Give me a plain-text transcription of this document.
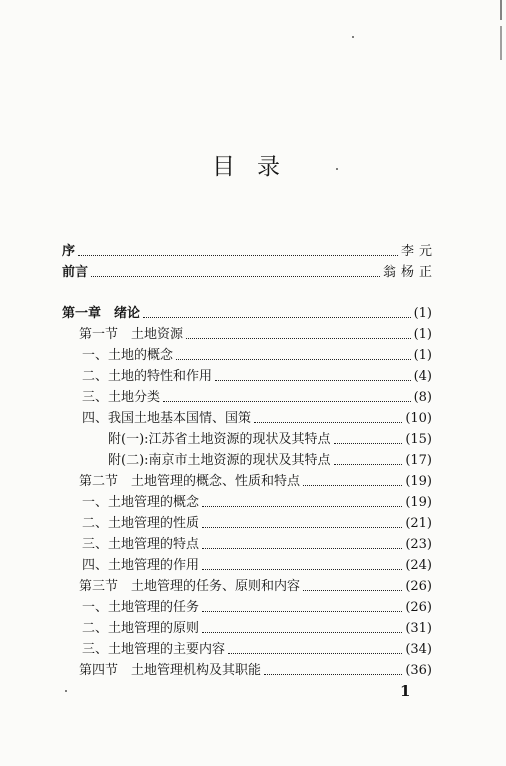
目录
序	李元
前言	翁杨正
第一章　绪论	(1)
第一节　土地资源	(1)
一、土地的概念	(1)
二、土地的特性和作用	(4)
三、土地分类	(8)
四、我国土地基本国情、国策	(10)
附(一):江苏省土地资源的现状及其特点	(15)
附(二):南京市土地资源的现状及其特点	(17)
第二节　土地管理的概念、性质和特点	(19)
一、土地管理的概念	(19)
二、土地管理的性质	(21)
三、土地管理的特点	(23)
四、土地管理的作用	(24)
第三节　土地管理的任务、原则和内容	(26)
一、土地管理的任务	(26)
二、土地管理的原则	(31)
三、土地管理的主要内容	(34)
第四节　土地管理机构及其职能	(36)
1
